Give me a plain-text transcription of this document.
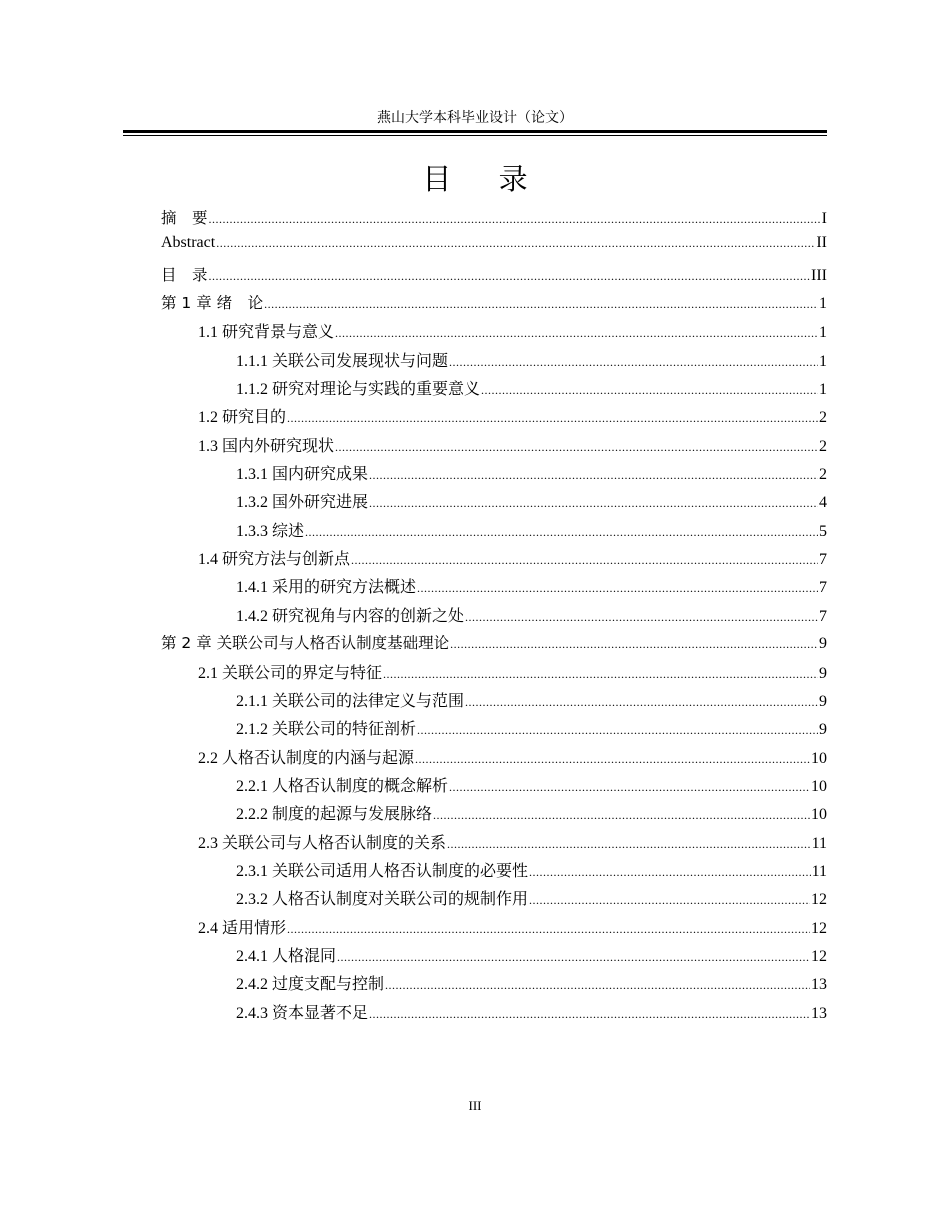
燕山大学本科毕业设计（论文）
目 录
摘　要 .....	I
Abstract .....	II
目　录 .....	III
第 1 章 绪　论 .....	1
1.1 研究背景与意义 .....	1
1.1.1 关联公司发展现状与问题 .....	1
1.1.2 研究对理论与实践的重要意义 .....	1
1.2 研究目的 .....	2
1.3 国内外研究现状 .....	2
1.3.1 国内研究成果 .....	2
1.3.2 国外研究进展 .....	4
1.3.3 综述 .....	5
1.4 研究方法与创新点 .....	7
1.4.1 采用的研究方法概述 .....	7
1.4.2 研究视角与内容的创新之处 .....	7
第 2 章 关联公司与人格否认制度基础理论 .....	9
2.1 关联公司的界定与特征 .....	9
2.1.1 关联公司的法律定义与范围 .....	9
2.1.2 关联公司的特征剖析 .....	9
2.2 人格否认制度的内涵与起源 .....	10
2.2.1 人格否认制度的概念解析 .....	10
2.2.2 制度的起源与发展脉络 .....	10
2.3 关联公司与人格否认制度的关系 .....	11
2.3.1 关联公司适用人格否认制度的必要性 .....	11
2.3.2 人格否认制度对关联公司的规制作用 .....	12
2.4 适用情形 .....	12
2.4.1 人格混同 .....	12
2.4.2 过度支配与控制 .....	13
2.4.3 资本显著不足 .....	13
III
